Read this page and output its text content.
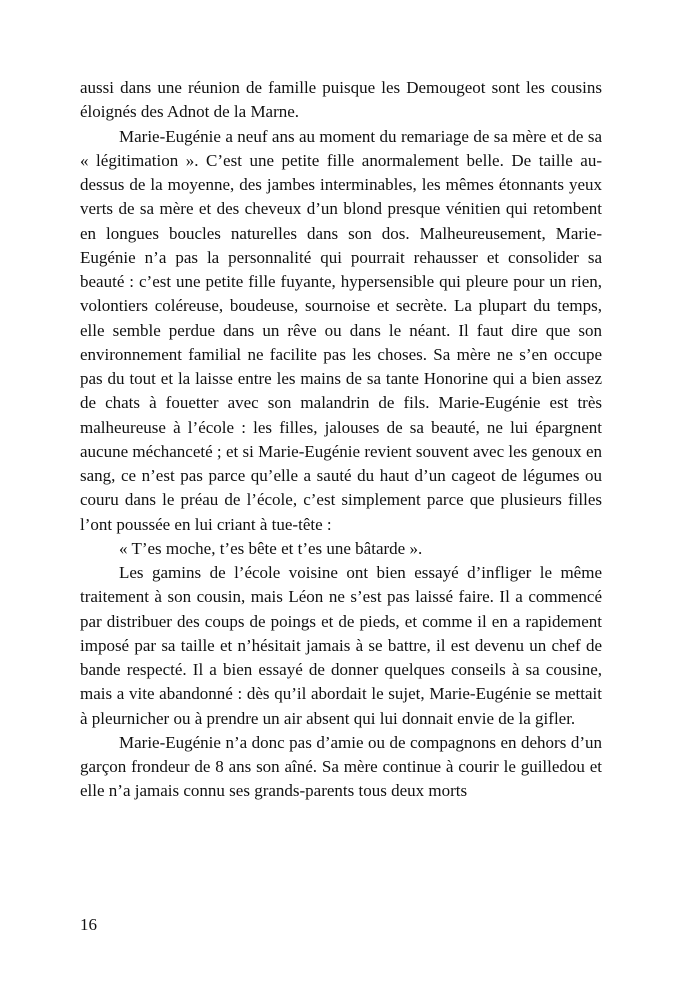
aussi dans une réunion de famille puisque les Demougeot sont les cousins éloignés des Adnot de la Marne.

Marie-Eugénie a neuf ans au moment du remariage de sa mère et de sa « légitimation ». C’est une petite fille anormalement belle. De taille au-dessus de la moyenne, des jambes interminables, les mêmes étonnants yeux verts de sa mère et des cheveux d’un blond presque vénitien qui retombent en longues boucles naturelles dans son dos. Malheureusement, Marie-Eugénie n’a pas la personnalité qui pourrait rehausser et consolider sa beauté : c’est une petite fille fuyante, hypersensible qui pleure pour un rien, volontiers coléreuse, boudeuse, sournoise et secrète. La plupart du temps, elle semble perdue dans un rêve ou dans le néant. Il faut dire que son environnement familial ne facilite pas les choses. Sa mère ne s’en occupe pas du tout et la laisse entre les mains de sa tante Honorine qui a bien assez de chats à fouetter avec son malandrin de fils. Marie-Eugénie est très malheureuse à l’école : les filles, jalouses de sa beauté, ne lui épargnent aucune méchanceté ; et si Marie-Eugénie revient souvent avec les genoux en sang, ce n’est pas parce qu’elle a sauté du haut d’un cageot de légumes ou couru dans le préau de l’école, c’est simplement parce que plusieurs filles l’ont poussée en lui criant à tue-tête :

« T’es moche, t’es bête et t’es une bâtarde ».

Les gamins de l’école voisine ont bien essayé d’infliger le même traitement à son cousin, mais Léon ne s’est pas laissé faire. Il a commencé par distribuer des coups de poings et de pieds, et comme il en a rapidement imposé par sa taille et n’hésitait jamais à se battre, il est devenu un chef de bande respecté. Il a bien essayé de donner quelques conseils à sa cousine, mais a vite abandonné : dès qu’il abordait le sujet, Marie-Eugénie se mettait à pleurnicher ou à prendre un air absent qui lui donnait envie de la gifler.

Marie-Eugénie n’a donc pas d’amie ou de compagnons en dehors d’un garçon frondeur de 8 ans son aîné. Sa mère continue à courir le guilledou et elle n’a jamais connu ses grands-parents tous deux morts

16
